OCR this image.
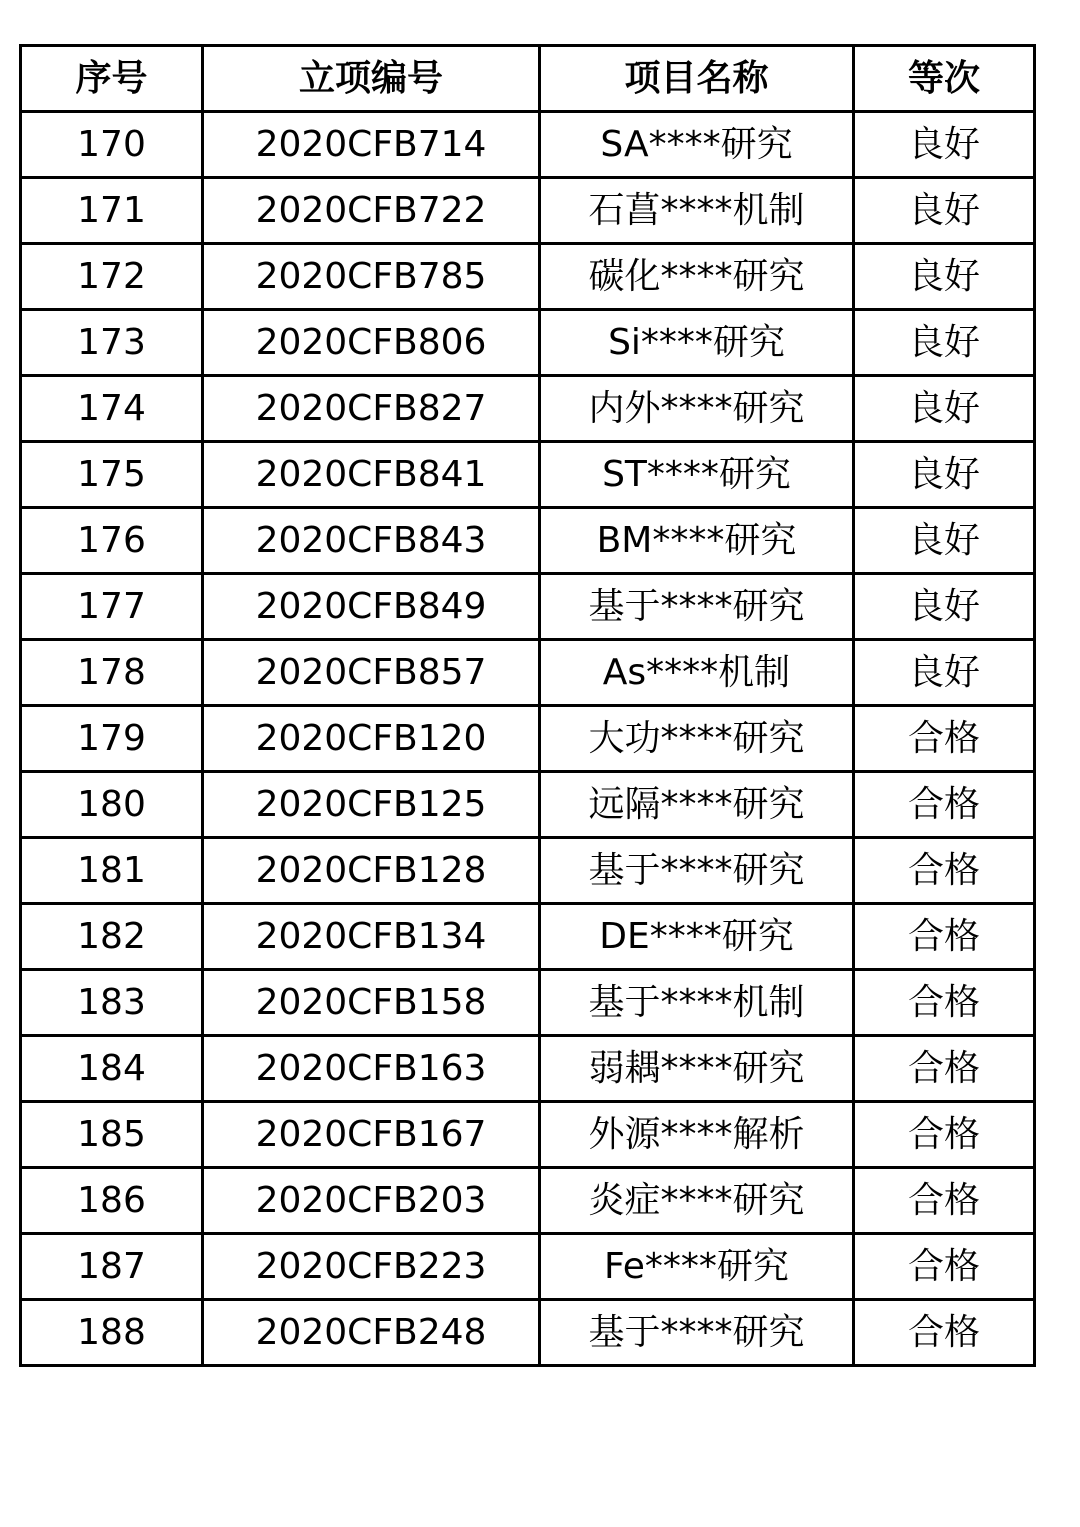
序号	立项编号	项目名称	等次
170	2020CFB714	SA****研究	良好
171	2020CFB722	石菖****机制	良好
172	2020CFB785	碳化****研究	良好
173	2020CFB806	Si****研究	良好
174	2020CFB827	内外****研究	良好
175	2020CFB841	ST****研究	良好
176	2020CFB843	BM****研究	良好
177	2020CFB849	基于****研究	良好
178	2020CFB857	As****机制	良好
179	2020CFB120	大功****研究	合格
180	2020CFB125	远隔****研究	合格
181	2020CFB128	基于****研究	合格
182	2020CFB134	DE****研究	合格
183	2020CFB158	基于****机制	合格
184	2020CFB163	弱耦****研究	合格
185	2020CFB167	外源****解析	合格
186	2020CFB203	炎症****研究	合格
187	2020CFB223	Fe****研究	合格
188	2020CFB248	基于****研究	合格
